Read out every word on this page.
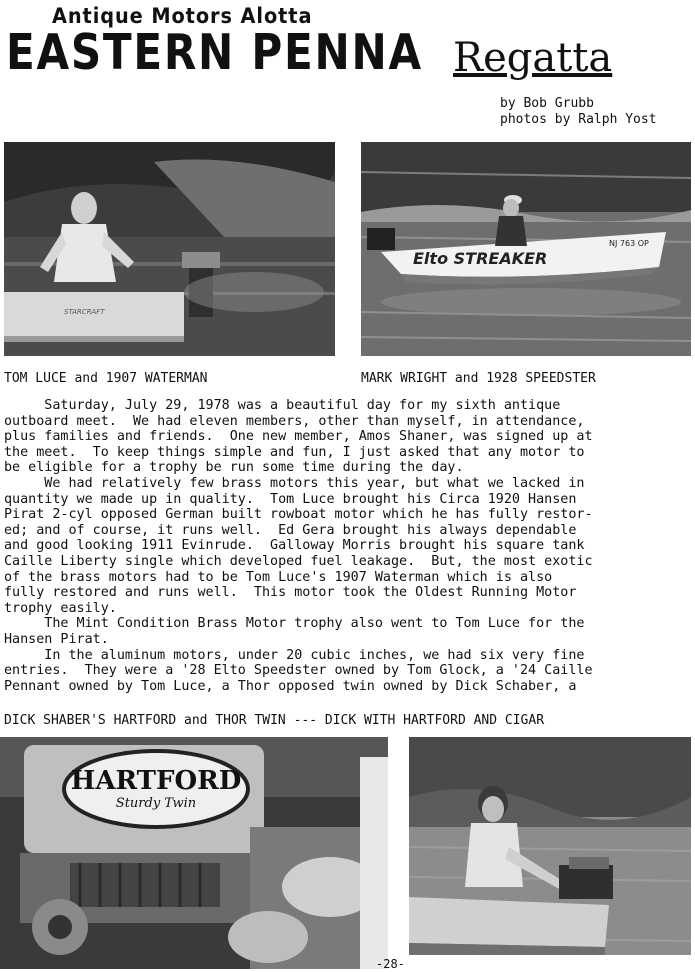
Antique Motors Alotta
EASTERN PENNA Regatta
by Bob Grubb
photos by Ralph Yost
STARCRAFT
Elto STREAKER
NJ 763 OP
TOM LUCE and 1907 WATERMAN	MARK WRIGHT and 1928 SPEEDSTER

Saturday, July 29, 1978 was a beautiful day for my sixth antique

outboard meet.  We had eleven members, other than myself, in attendance,

plus families and friends.  One new member, Amos Shaner, was signed up at

the meet.  To keep things simple and fun, I just asked that any motor to

be eligible for a trophy be run some time during the day.

We had relatively few brass motors this year, but what we lacked in

quantity we made up in quality.  Tom Luce brought his Circa 1920 Hansen

Pirat 2-cyl opposed German built rowboat motor which he has fully restor-

ed; and of course, it runs well.  Ed Gera brought his always dependable

and good looking 1911 Evinrude.  Galloway Morris brought his square tank

Caille Liberty single which developed fuel leakage.  But, the most exotic

of the brass motors had to be Tom Luce's 1907 Waterman which is also

fully restored and runs well.  This motor took the Oldest Running Motor

trophy easily.

The Mint Condition Brass Motor trophy also went to Tom Luce for the

Hansen Pirat.

In the aluminum motors, under 20 cubic inches, we had six very fine

entries.  They were a '28 Elto Speedster owned by Tom Glock, a '24 Caille

Pennant owned by Tom Luce, a Thor opposed twin owned by Dick Schaber, a

DICK SHABER'S HARTFORD and THOR TWIN --- DICK WITH HARTFORD AND CIGAR
HARTFORD
Sturdy Twin
-28-
